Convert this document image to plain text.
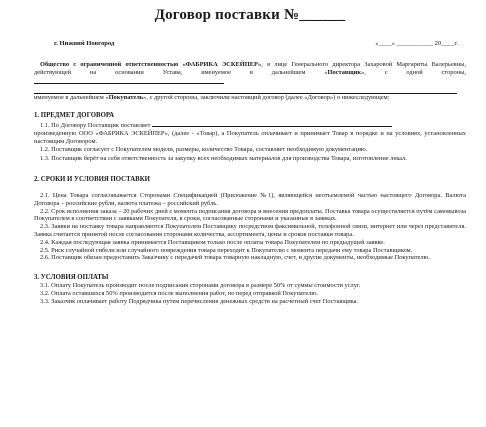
Договор поставки №______
г. Нижний Новгород	«____» ___________ 20____г.
Общество с ограниченной ответственностью «ФАБРИКА ЭСКЕЙПЕР», в лице Генерального директора Захаровой Маргариты Валерьевны, действующей на основании Устава, именуемое в дальнейшем «Поставщик», с одной стороны,
именуемое в дальнейшем «Покупатель», с другой стороны, заключили настоящий договор (далее «Договор») о нижеследующем:
1. ПРЕДМЕТ ДОГОВОРА
1.1. По Договору Поставщик поставляет
произведенную ООО «ФАБРИКА ЭСКЕЙПЕР», (далее - «Товар), а Покупатель оплачивает и принимает Товар в порядке и на условиях, установленных настоящим Договором.
1.2. Поставщик согласует с Покупателем модели, размеры, количество Товара, составляет необходимую документацию.
1.3. Поставщик берёт на себя ответственность за закупку всех необходимых материалов для производства Товара, изготовление лекал.
2. СРОКИ И УСЛОВИЯ ПОСТАВКИ
2.1. Цена Товара согласовывается Сторонами Спецификацией (Приложение №1), являющейся неотъемлемой частью настоящего Договора. Валюта Договора – российские рубли, валюта платежа – российский рубль.
2.2. Срок исполнения заказа – 20 рабочих дней с момента подписания договора и внесения предоплаты. Поставка товара осуществляется путём самовывоза Покупателем в соответствии с заявками Покупателя, в сроки, согласованные сторонами и указанные в заявках.
2.3. Заявки на поставку товара направляются Покупателем Поставщику посредством факсимильной, телефонной связи, интернет или через представителя. Заявка считается принятой после согласования сторонами количества, ассортимента, цены и сроков поставки товара.
2.4. Каждая последующая заявка принимается Поставщиком только после оплаты товара Покупателем по предыдущей заявке.
2.5. Риск случайной гибели или случайного повреждения товара переходит к Покупателю с момента передачи ему товара Поставщиком.
2.6. Поставщик обязан предоставить Заказчику с передачей товара товарную накладную, счет, и другие документы, необходимые Покупателю.
3. УСЛОВИЯ ОПЛАТЫ
3.1. Оплату Покупатель производит после подписания сторонами договора в размере 50% от суммы стоимости услуг.
3.2. Оплата оставшихся 50% производится после выполнения работ, но перед отправкой Покупателю.
3.3. Заказчик оплачивает работу Подрядчика путем перечисления денежных средств на расчетный счет Поставщика.
